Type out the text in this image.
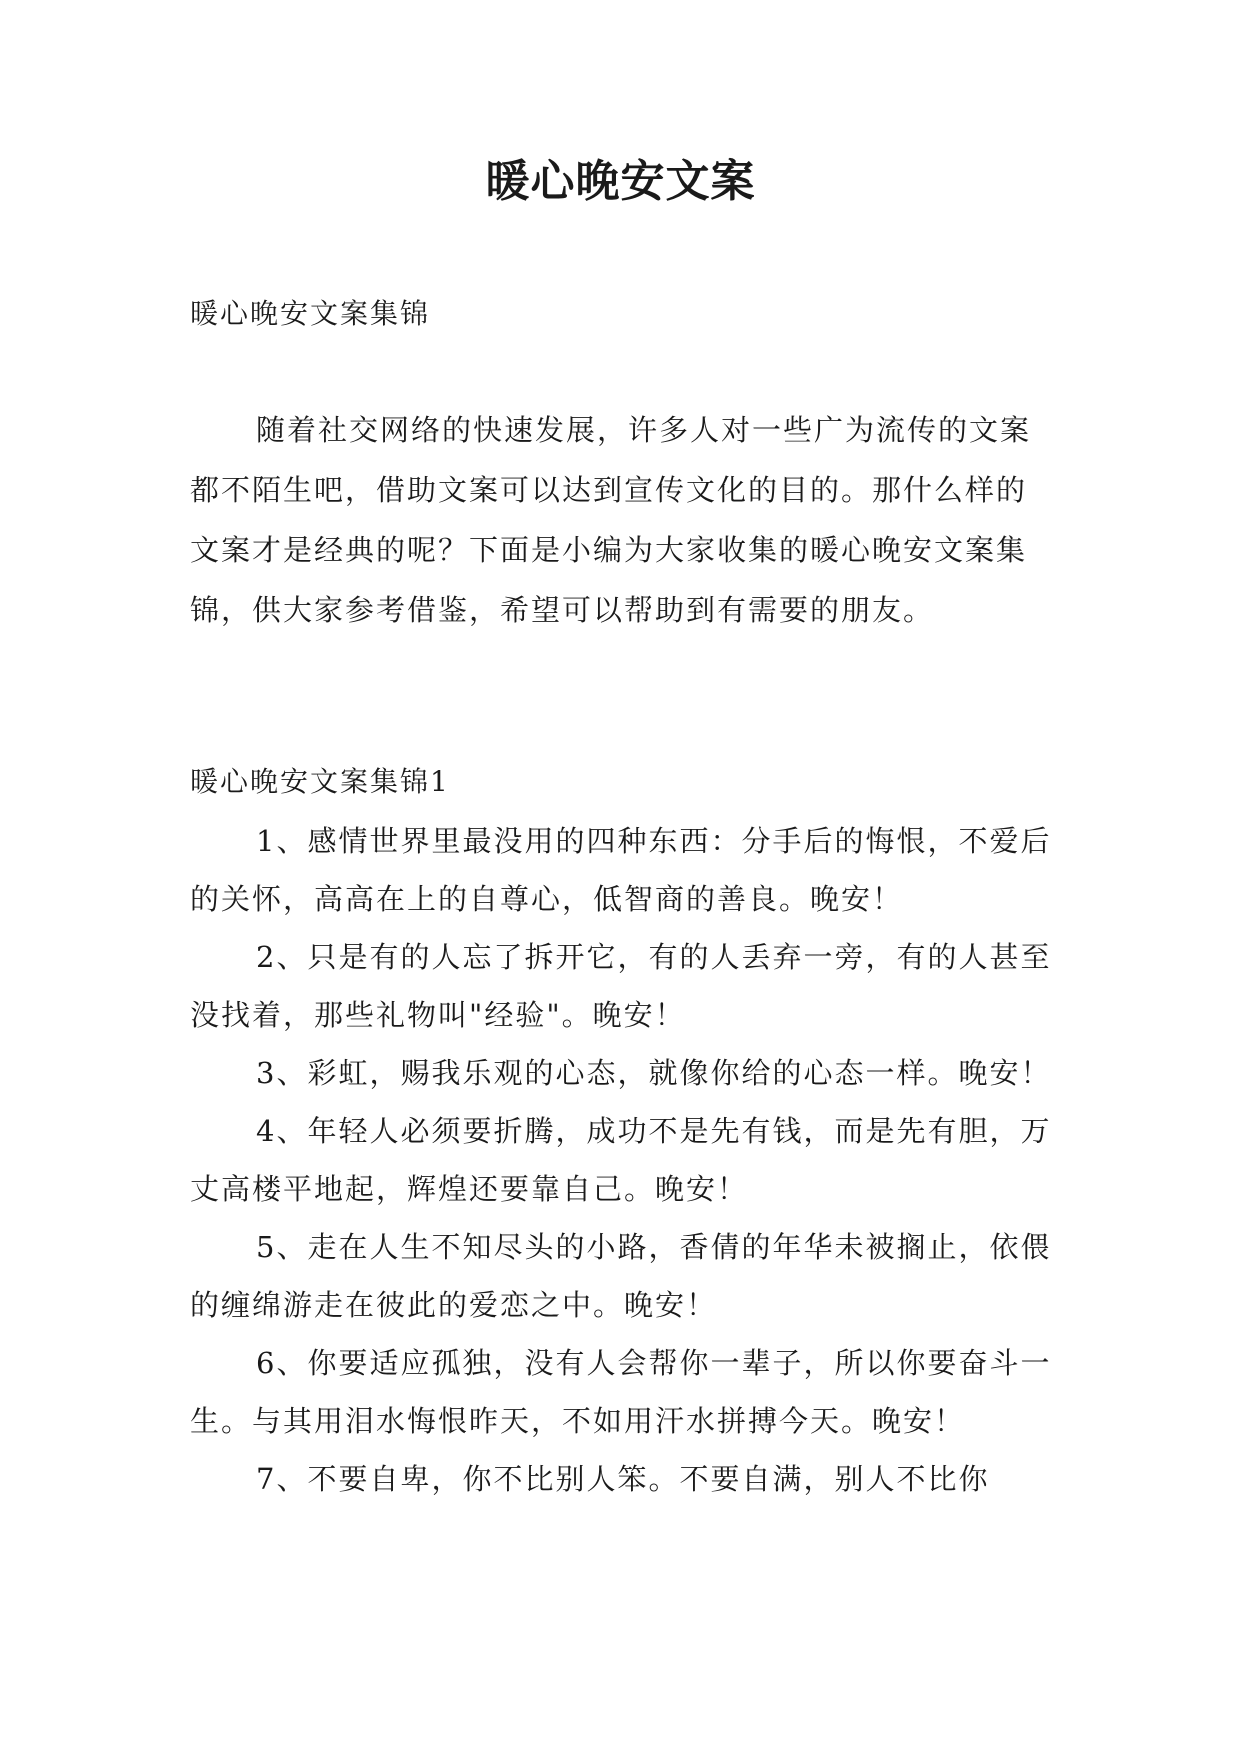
暖心晚安文案
暖心晚安文案集锦

随着社交网络的快速发展，许多人对一些广为流传的文案都不陌生吧，借助文案可以达到宣传文化的目的。那什么样的文案才是经典的呢？下面是小编为大家收集的暖心晚安文案集锦，供大家参考借鉴，希望可以帮助到有需要的朋友。

暖心晚安文案集锦1

1、感情世界里最没用的四种东西：分手后的悔恨，不爱后的关怀，高高在上的自尊心，低智商的善良。晚安！

2、只是有的人忘了拆开它，有的人丢弃一旁，有的人甚至没找着，那些礼物叫"经验"。晚安！

3、彩虹，赐我乐观的心态，就像你给的心态一样。晚安！

4、年轻人必须要折腾，成功不是先有钱，而是先有胆，万丈高楼平地起，辉煌还要靠自己。晚安！

5、走在人生不知尽头的小路，香倩的年华未被搁止，依偎的缠绵游走在彼此的爱恋之中。晚安！

6、你要适应孤独，没有人会帮你一辈子，所以你要奋斗一生。与其用泪水悔恨昨天，不如用汗水拼搏今天。晚安！

7、不要自卑，你不比别人笨。不要自满，别人不比你
